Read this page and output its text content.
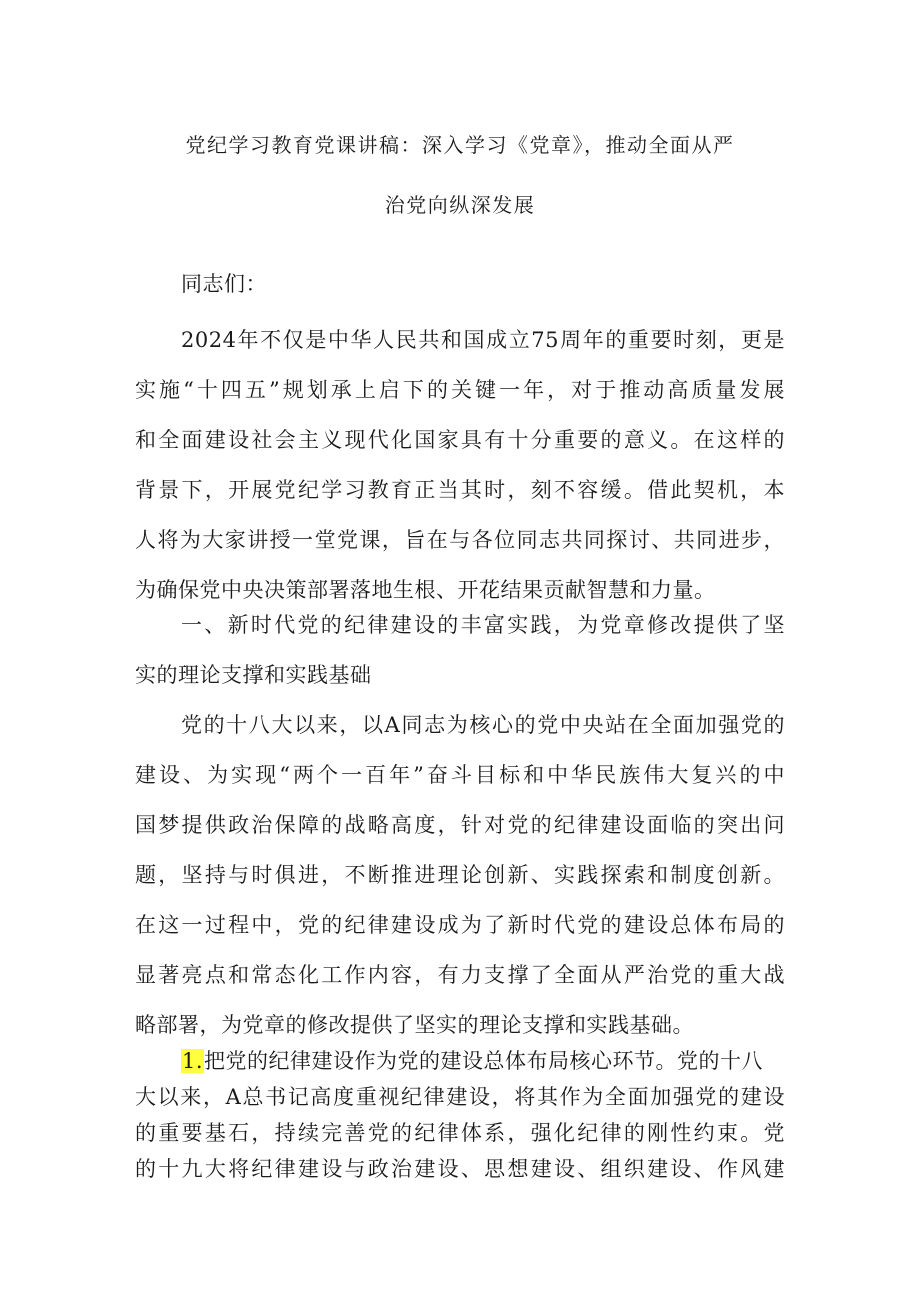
党纪学习教育党课讲稿：深入学习《党章》，推动全面从严
治党向纵深发展
同志们：
2024年不仅是中华人民共和国成立75周年的重要时刻，更是
实施“十四五”规划承上启下的关键一年，对于推动高质量发展
和全面建设社会主义现代化国家具有十分重要的意义。在这样的
背景下，开展党纪学习教育正当其时，刻不容缓。借此契机，本
人将为大家讲授一堂党课，旨在与各位同志共同探讨、共同进步，
为确保党中央决策部署落地生根、开花结果贡献智慧和力量。
一、新时代党的纪律建设的丰富实践，为党章修改提供了坚
实的理论支撑和实践基础
党的十八大以来，以A同志为核心的党中央站在全面加强党的
建设、为实现“两个一百年”奋斗目标和中华民族伟大复兴的中
国梦提供政治保障的战略高度，针对党的纪律建设面临的突出问
题，坚持与时俱进，不断推进理论创新、实践探索和制度创新。
在这一过程中，党的纪律建设成为了新时代党的建设总体布局的
显著亮点和常态化工作内容，有力支撑了全面从严治党的重大战
略部署，为党章的修改提供了坚实的理论支撑和实践基础。
1.把党的纪律建设作为党的建设总体布局核心环节。党的十八
大以来，A总书记高度重视纪律建设，将其作为全面加强党的建设
的重要基石，持续完善党的纪律体系，强化纪律的刚性约束。党
的十九大将纪律建设与政治建设、思想建设、组织建设、作风建
